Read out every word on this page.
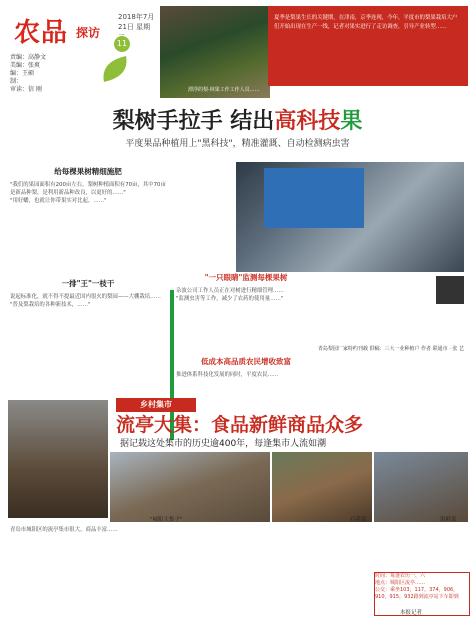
农品 探访
2018年7月21日 星期
11
责编：高静文
美编：张爽
编：王硕
制：
审读：信 刚	漂浮的梨·林果工作工作人员……
夏季是梨果生长的关键期，在津南，京季连现，今年，平度市的梨果栽培大户们开始出现在生产一线，记者对果实进行了走访调查，引导产业转型……
梨树手拉手 结出高科技果
平度果品种植用上"黑科技"，精准灌溉、自动检测病虫害
给每棵果树精细施肥

"我们的果园面积有200亩左右，梨树种植面积有70亩，其中70亩是新品种梨，是利用新品种改良，以更好的……"

"用好蟠，也就让你带果实对比起，……"

一排"王"一枝干

说起标准化，就不得不提最近国内很火的梨园——大棚栽培……

"普及梨栽培的各种新技术，……"

"一只眼睛"监测每棵果树

杂波公司工作人员正在对树进行精细管理……

"监测虫害等工作，减少了农药的使用量……"

低成本高品质农民增收致富

推进体系科技化发展的同时，平度农民……

青岛梨园厂家特约刊载 供稿：三大一业种植户 作者 联通市 · 张 艺
乡村集市
流亭大集：食品新鲜商品众多
据记载这处集市的历史逾400年，每逢集市人流如潮
"城阳大集子"	石花菜	海鲜菜

青岛市城阳区的流亭集市很大，商品丰富……

时间：每逢农历一、六
地点：城阳区流亭……
公交：乘坐103，117，374，906，910，915，932路到流亭站下车即到
本报记者
